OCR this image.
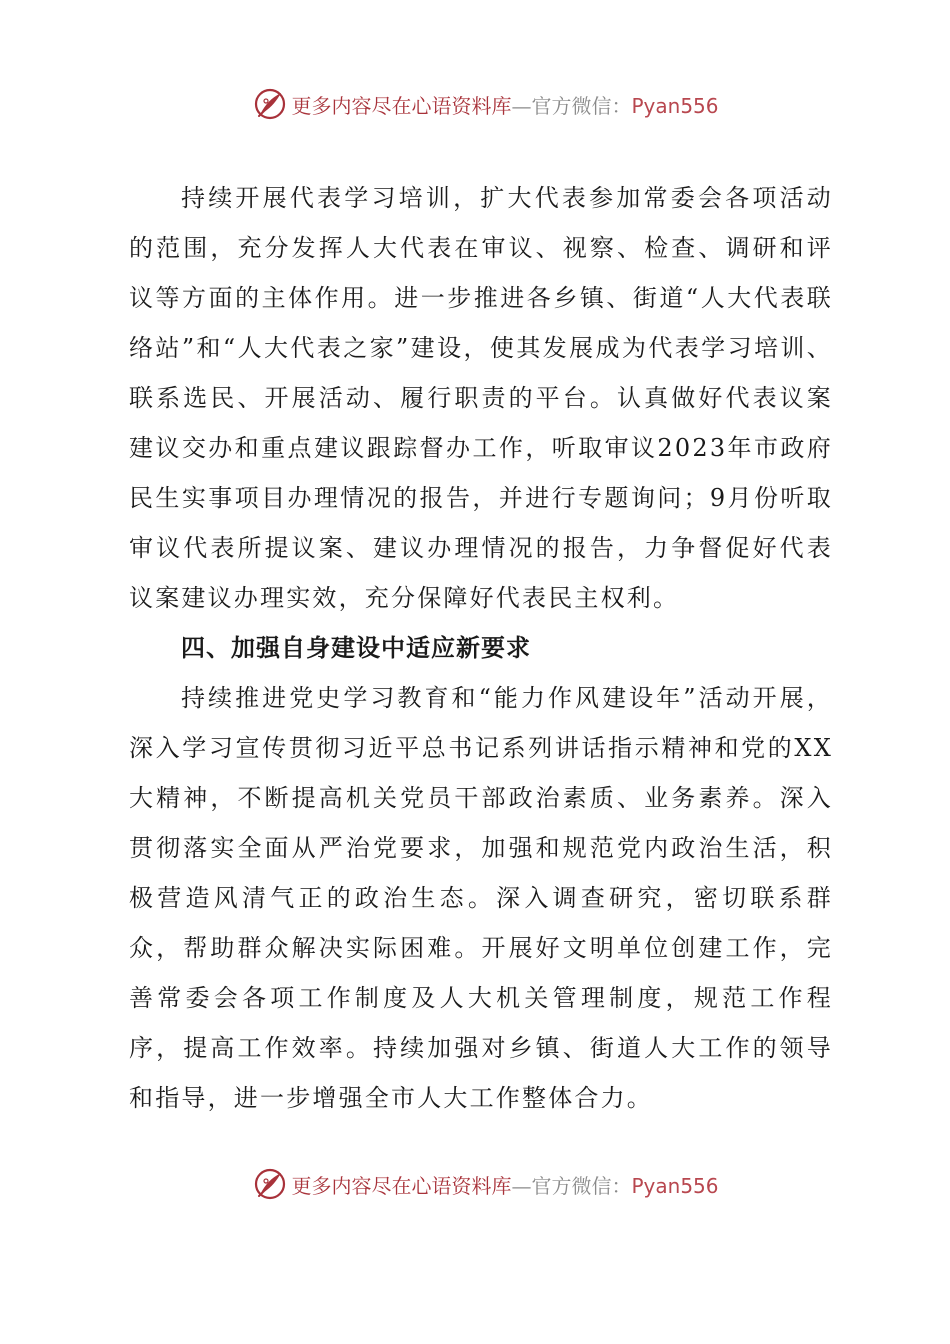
更多内容尽在心语资料库—官方微信：Pyan556

持续开展代表学习培训，扩大代表参加常委会各项活动的范围，充分发挥人大代表在审议、视察、检查、调研和评议等方面的主体作用。进一步推进各乡镇、街道“人大代表联络站”和“人大代表之家”建设，使其发展成为代表学习培训、联系选民、开展活动、履行职责的平台。认真做好代表议案建议交办和重点建议跟踪督办工作，听取审议2023年市政府民生实事项目办理情况的报告，并进行专题询问；9月份听取审议代表所提议案、建议办理情况的报告，力争督促好代表议案建议办理实效，充分保障好代表民主权利。

四、加强自身建设中适应新要求

持续推进党史学习教育和“能力作风建设年”活动开展，深入学习宣传贯彻习近平总书记系列讲话指示精神和党的XX大精神，不断提高机关党员干部政治素质、业务素养。深入贯彻落实全面从严治党要求，加强和规范党内政治生活，积极营造风清气正的政治生态。深入调查研究，密切联系群众，帮助群众解决实际困难。开展好文明单位创建工作，完善常委会各项工作制度及人大机关管理制度，规范工作程序，提高工作效率。持续加强对乡镇、街道人大工作的领导和指导，进一步增强全市人大工作整体合力。

更多内容尽在心语资料库—官方微信：Pyan556
